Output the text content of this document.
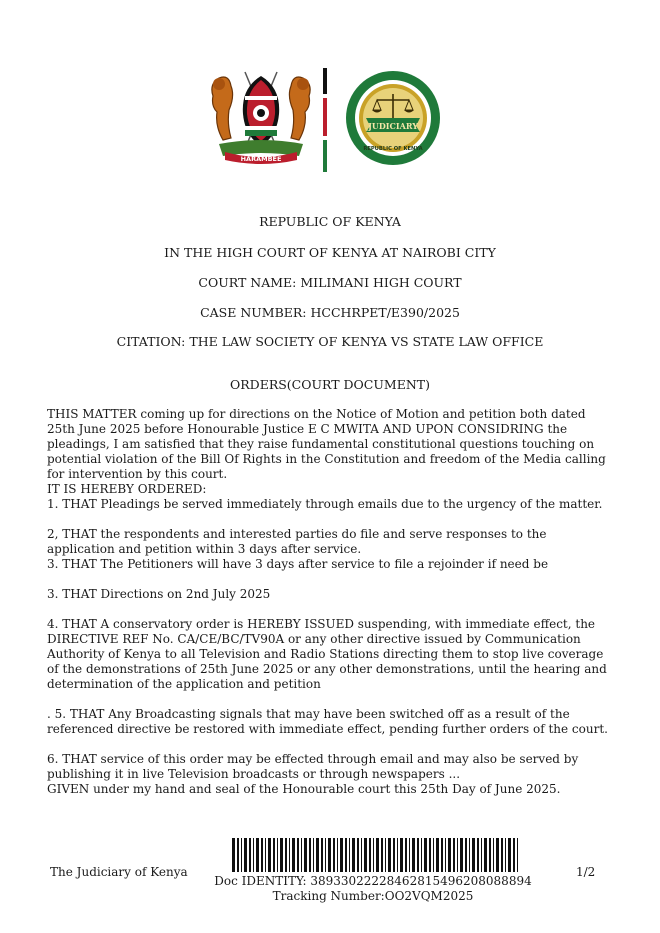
HARAMBEE
JUDICIARY
REPUBLIC OF KENYA
REPUBLIC OF KENYA
IN THE HIGH COURT OF KENYA AT NAIROBI CITY
COURT NAME: MILIMANI HIGH COURT
CASE NUMBER: HCCHRPET/E390/2025
CITATION: THE LAW SOCIETY OF KENYA VS STATE LAW OFFICE
ORDERS(COURT DOCUMENT)

THIS MATTER coming up for directions on the Notice of Motion and petition both dated 25th June 2025 before Honourable Justice E C MWITA AND UPON CONSIDRING the pleadings, I am satisfied that they raise fundamental constitutional questions touching on potential violation of the Bill Of Rights in the Constitution and freedom of the Media calling for intervention by this court.

IT IS HEREBY ORDERED:

1. THAT Pleadings be served immediately through emails due to the urgency of the matter.

2, THAT the respondents and interested parties do file and serve responses to the application and petition within 3 days after service.

3. THAT The Petitioners will have 3 days after service to file a rejoinder if need be

3. THAT Directions on 2nd July 2025

4. THAT A conservatory order is HEREBY ISSUED suspending, with immediate effect, the DIRECTIVE REF No. CA/CE/BC/TV90A or any other directive issued by Communication Authority of Kenya to all Television and Radio Stations directing them to stop live coverage of the demonstrations of 25th June 2025 or any other demonstrations, until the hearing and determination of the application and petition

. 5. THAT Any Broadcasting signals that may have been switched off as a result of the referenced directive be restored with immediate effect, pending further orders of the court.

6. THAT service of this order may be effected through email and may also be served by publishing it in live Television broadcasts or through newspapers ...

GIVEN under my hand and seal of the Honourable court this 25th Day of June 2025.

The Judiciary of Kenya
Doc IDENTITY: 38933022228462815496208088894 Tracking Number:OO2VQM2025
1/2
